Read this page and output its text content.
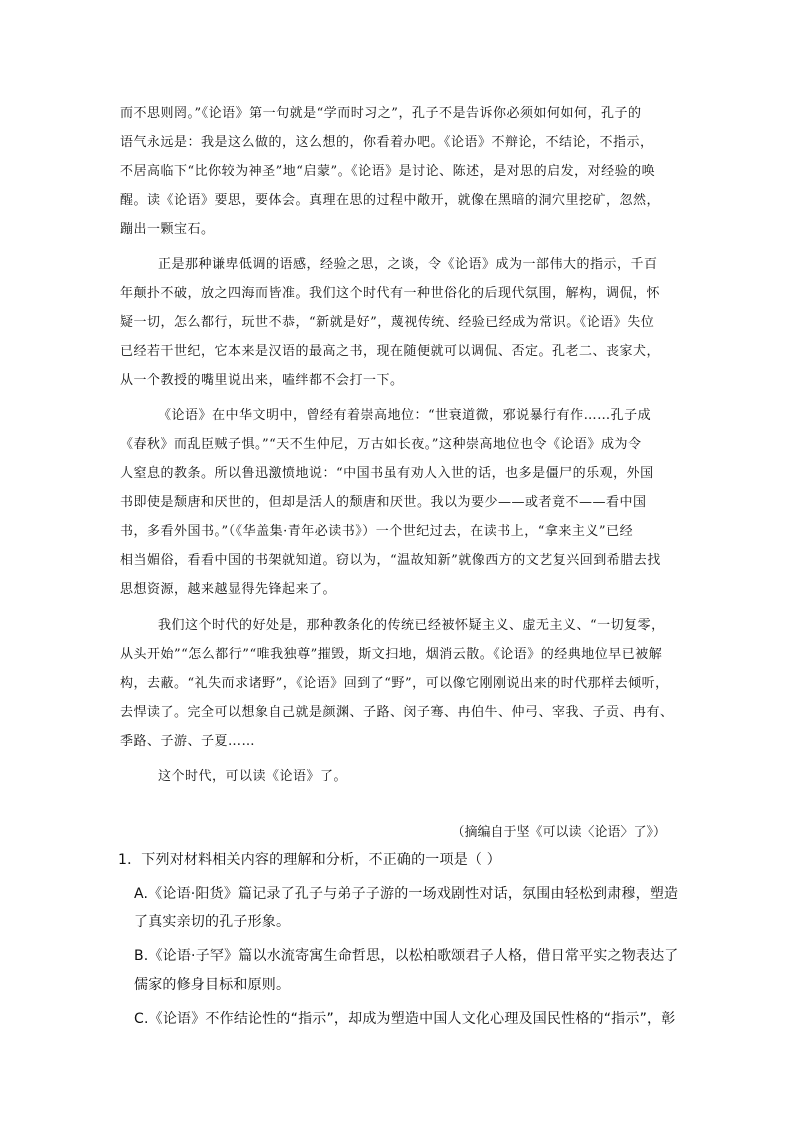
而不思则罔。”《论语》第一句就是“学而时习之”，孔子不是告诉你必须如何如何，孔子的
语气永远是：我是这么做的，这么想的，你看着办吧。《论语》不辩论，不结论，不指示，
不居高临下“比你较为神圣”地“启蒙”。《论语》是讨论、陈述，是对思的启发，对经验的唤
醒。读《论语》要思，要体会。真理在思的过程中敞开，就像在黑暗的洞穴里挖矿，忽然，
蹦出一颗宝石。
正是那种谦卑低调的语感，经验之思，之谈，令《论语》成为一部伟大的指示，千百
年颠扑不破，放之四海而皆准。我们这个时代有一种世俗化的后现代氛围，解构，调侃，怀
疑一切，怎么都行，玩世不恭，“新就是好”，蔑视传统、经验已经成为常识。《论语》失位
已经若干世纪，它本来是汉语的最高之书，现在随便就可以调侃、否定。孔老二、丧家犬，
从一个教授的嘴里说出来，嗑绊都不会打一下。
《论语》在中华文明中，曾经有着崇高地位：“世衰道微，邪说暴行有作……孔子成
《春秋》而乱臣贼子惧。”“天不生仲尼，万古如长夜。”这种崇高地位也令《论语》成为令
人窒息的教条。所以鲁迅激愤地说：“中国书虽有劝人入世的话，也多是僵尸的乐观，外国
书即使是颓唐和厌世的，但却是活人的颓唐和厌世。我以为要少——或者竟不——看中国
书，多看外国书。”（《华盖集·青年必读书》）一个世纪过去，在读书上，“拿来主义”已经
相当媚俗，看看中国的书架就知道。窃以为，“温故知新”就像西方的文艺复兴回到希腊去找
思想资源，越来越显得先锋起来了。
我们这个时代的好处是，那种教条化的传统已经被怀疑主义、虚无主义、“一切复零，
从头开始”“怎么都行”“唯我独尊”摧毁，斯文扫地，烟消云散。《论语》的经典地位早已被解
构，去蔽。“礼失而求诸野”，《论语》回到了“野”，可以像它刚刚说出来的时代那样去倾听，
去悍读了。完全可以想象自己就是颜渊、子路、闵子骞、冉伯牛、仲弓、宰我、子贡、冉有、
季路、子游、子夏……
这个时代，可以读《论语》了。
（摘编自于坚《可以读〈论语〉了》）
1．下列对材料相关内容的理解和分析，不正确的一项是（ ）
A.《论语·阳货》篇记录了孔子与弟子子游的一场戏剧性对话，氛围由轻松到肃穆，塑造
了真实亲切的孔子形象。
B.《论语·子罕》篇以水流寄寓生命哲思，以松柏歌颂君子人格，借日常平实之物表达了
儒家的修身目标和原则。
C.《论语》不作结论性的“指示”，却成为塑造中国人文化心理及国民性格的“指示”，彰
